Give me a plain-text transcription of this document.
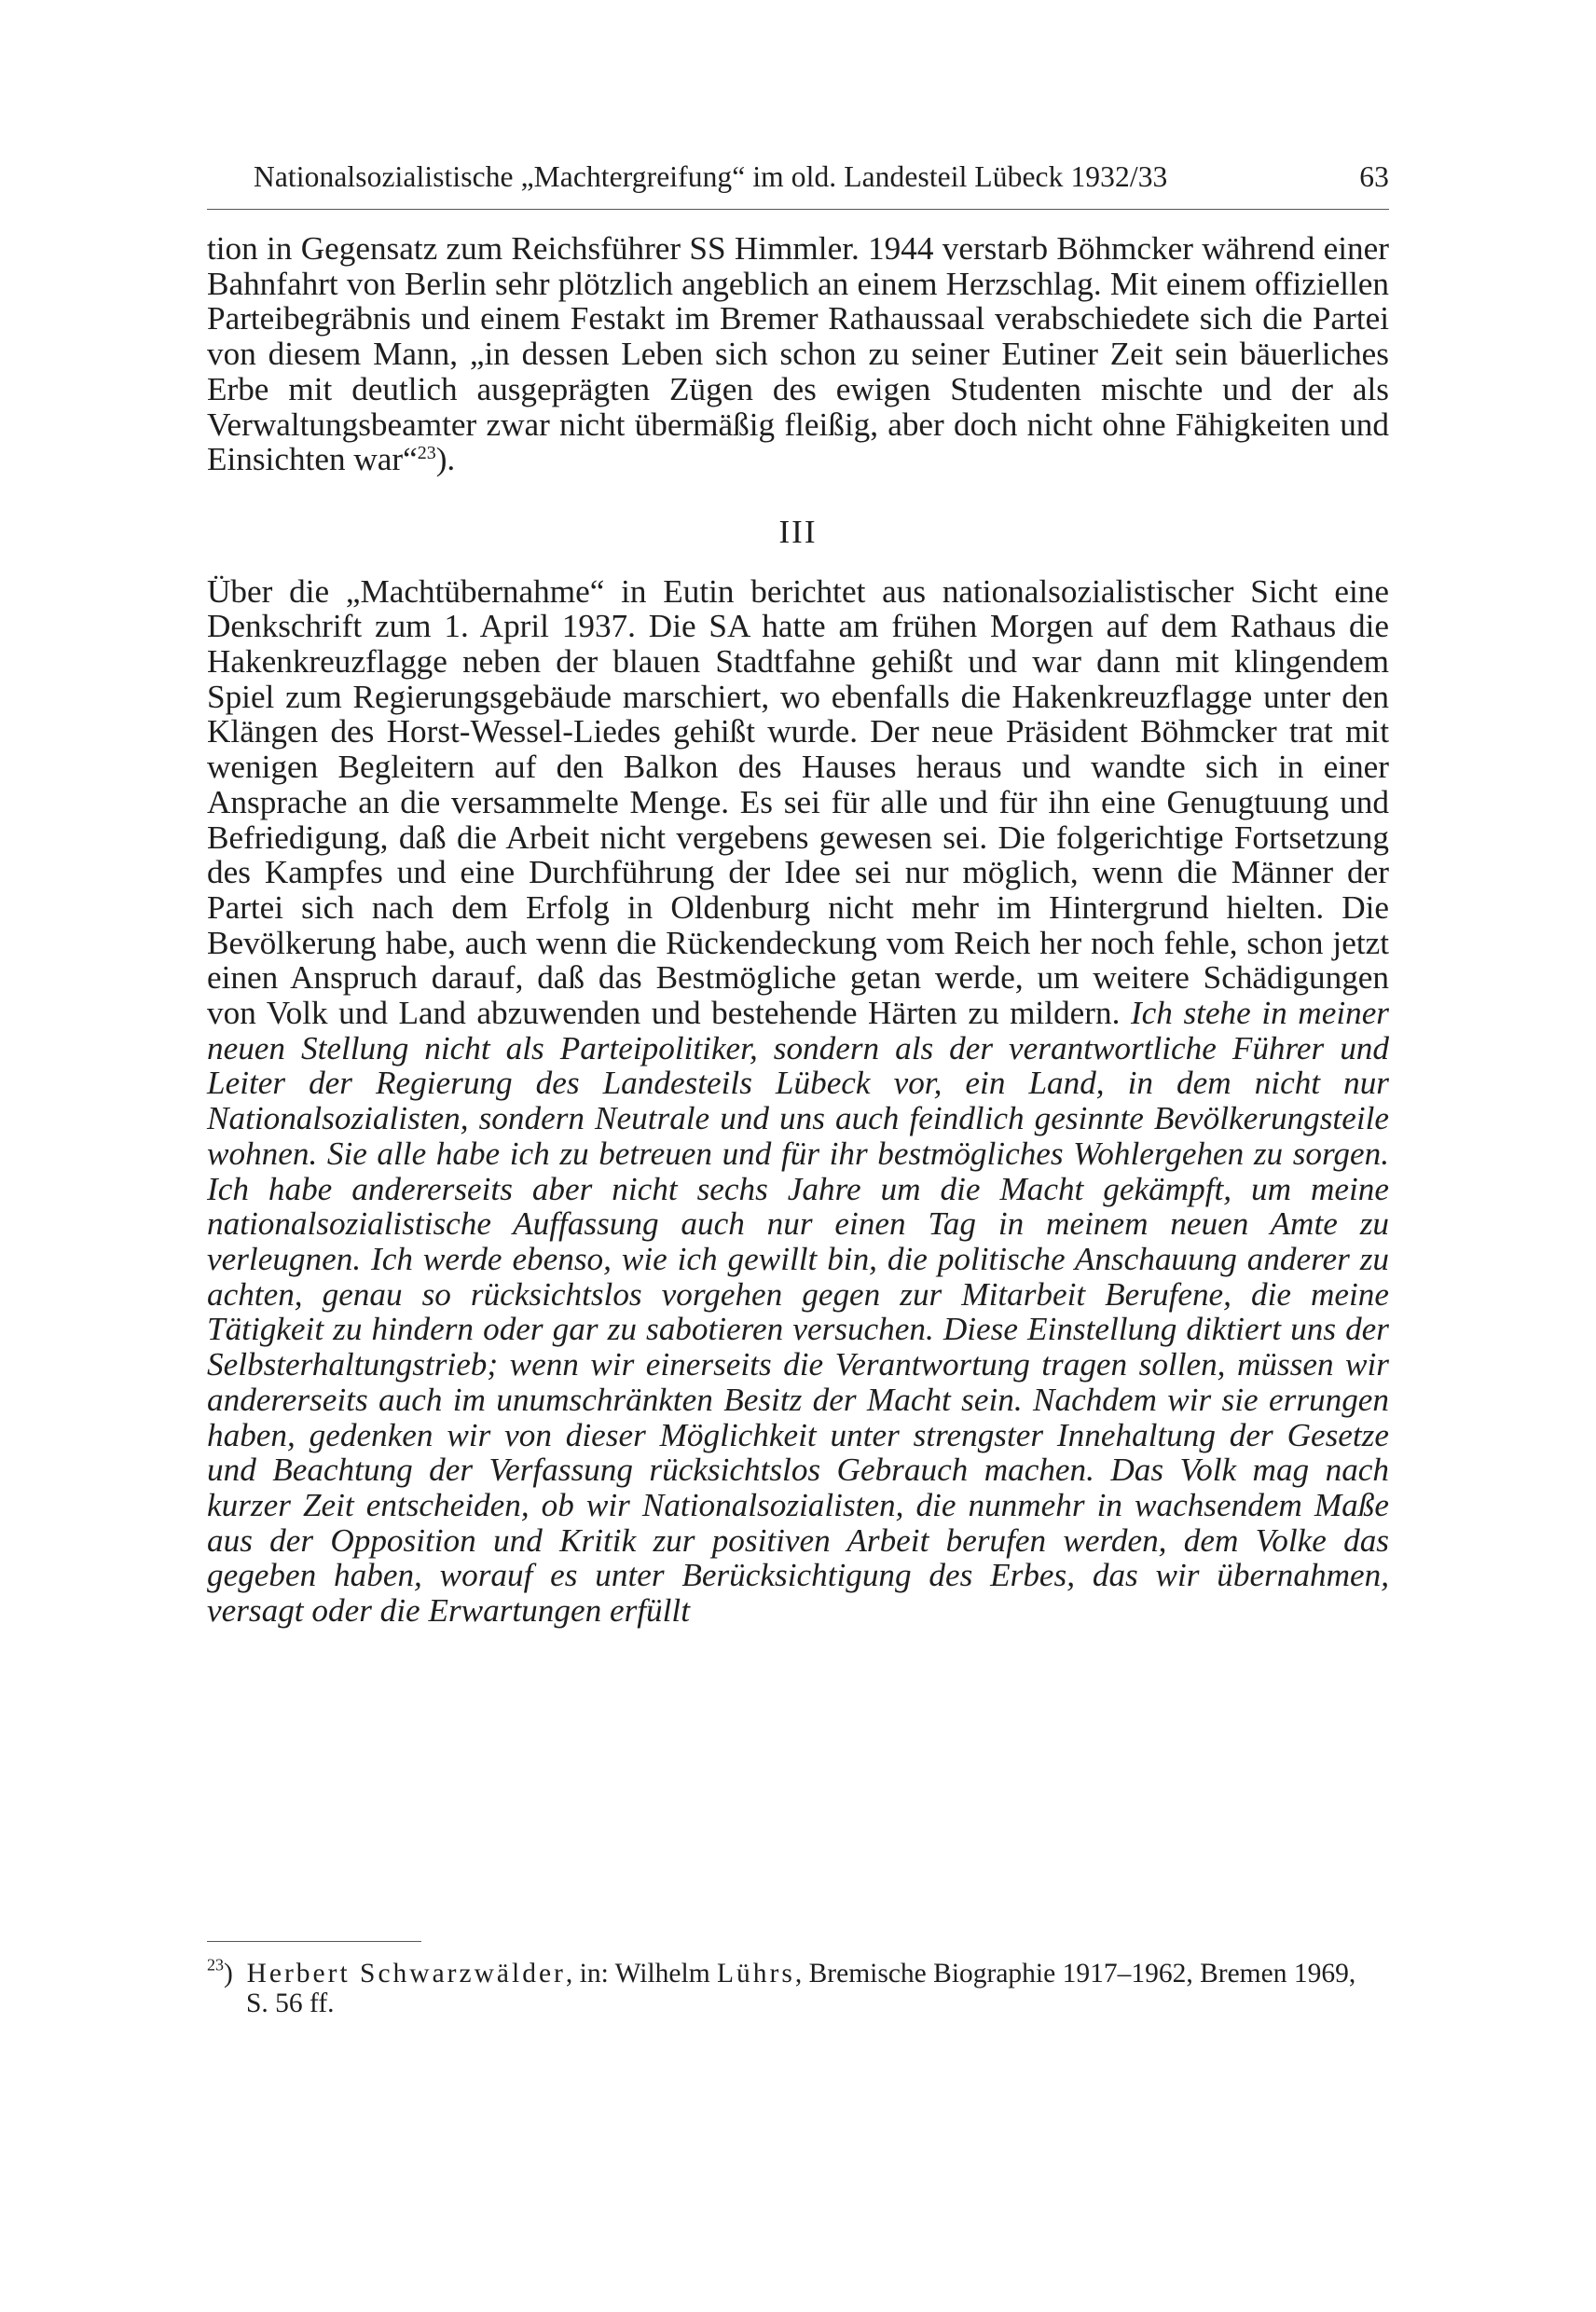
Nationalsozialistische „Machtergreifung“ im old. Landesteil Lübeck 1932/33	63

tion in Gegensatz zum Reichsführer SS Himmler. 1944 verstarb Böhmcker während einer Bahnfahrt von Berlin sehr plötzlich angeblich an einem Herzschlag. Mit einem offiziellen Parteibegräbnis und einem Festakt im Bremer Rathaussaal verabschiedete sich die Partei von diesem Mann, „in dessen Leben sich schon zu seiner Eutiner Zeit sein bäuerliches Erbe mit deutlich ausgeprägten Zügen des ewigen Studenten mischte und der als Verwaltungsbeamter zwar nicht übermäßig fleißig, aber doch nicht ohne Fähigkeiten und Einsichten war“$^{23}$).

III

Über die „Machtübernahme“ in Eutin berichtet aus nationalsozialistischer Sicht eine Denkschrift zum 1. April 1937. Die SA hatte am frühen Morgen auf dem Rathaus die Hakenkreuzflagge neben der blauen Stadtfahne gehißt und war dann mit klingendem Spiel zum Regierungsgebäude marschiert, wo ebenfalls die Hakenkreuzflagge unter den Klängen des Horst-Wessel-Liedes gehißt wurde. Der neue Präsident Böhmcker trat mit wenigen Begleitern auf den Balkon des Hauses heraus und wandte sich in einer Ansprache an die versammelte Menge. Es sei für alle und für ihn eine Genugtuung und Befriedigung, daß die Arbeit nicht vergebens gewesen sei. Die folgerichtige Fortsetzung des Kampfes und eine Durchführung der Idee sei nur möglich, wenn die Männer der Partei sich nach dem Erfolg in Oldenburg nicht mehr im Hintergrund hielten. Die Bevölkerung habe, auch wenn die Rückendeckung vom Reich her noch fehle, schon jetzt einen Anspruch darauf, daß das Bestmögliche getan werde, um weitere Schädigungen von Volk und Land abzuwenden und bestehende Härten zu mildern. Ich stehe in meiner neuen Stellung nicht als Parteipolitiker, sondern als der verantwortliche Führer und Leiter der Regierung des Landesteils Lübeck vor, ein Land, in dem nicht nur Nationalsozialisten, sondern Neutrale und uns auch feindlich gesinnte Bevölkerungsteile wohnen. Sie alle habe ich zu betreuen und für ihr bestmögliches Wohlergehen zu sorgen. Ich habe andererseits aber nicht sechs Jahre um die Macht gekämpft, um meine nationalsozialistische Auffassung auch nur einen Tag in meinem neuen Amte zu verleugnen. Ich werde ebenso, wie ich gewillt bin, die politische Anschauung anderer zu achten, genau so rücksichtslos vorgehen gegen zur Mitarbeit Berufene, die meine Tätigkeit zu hindern oder gar zu sabotieren versuchen. Diese Einstellung diktiert uns der Selbsterhaltungstrieb; wenn wir einerseits die Verantwortung tragen sollen, müssen wir andererseits auch im unumschränkten Besitz der Macht sein. Nachdem wir sie errungen haben, gedenken wir von dieser Möglichkeit unter strengster Innehaltung der Gesetze und Beachtung der Verfassung rücksichtslos Gebrauch machen. Das Volk mag nach kurzer Zeit entscheiden, ob wir Nationalsozialisten, die nunmehr in wachsendem Maße aus der Opposition und Kritik zur positiven Arbeit berufen werden, dem Volke das gegeben haben, worauf es unter Berücksichtigung des Erbes, das wir übernahmen, versagt oder die Erwartungen erfüllt

$^{23}$) Herbert Schwarzwälder, in: Wilhelm Lührs, Bremische Biographie 1917–1962, Bremen 1969,
S. 56 ff.
